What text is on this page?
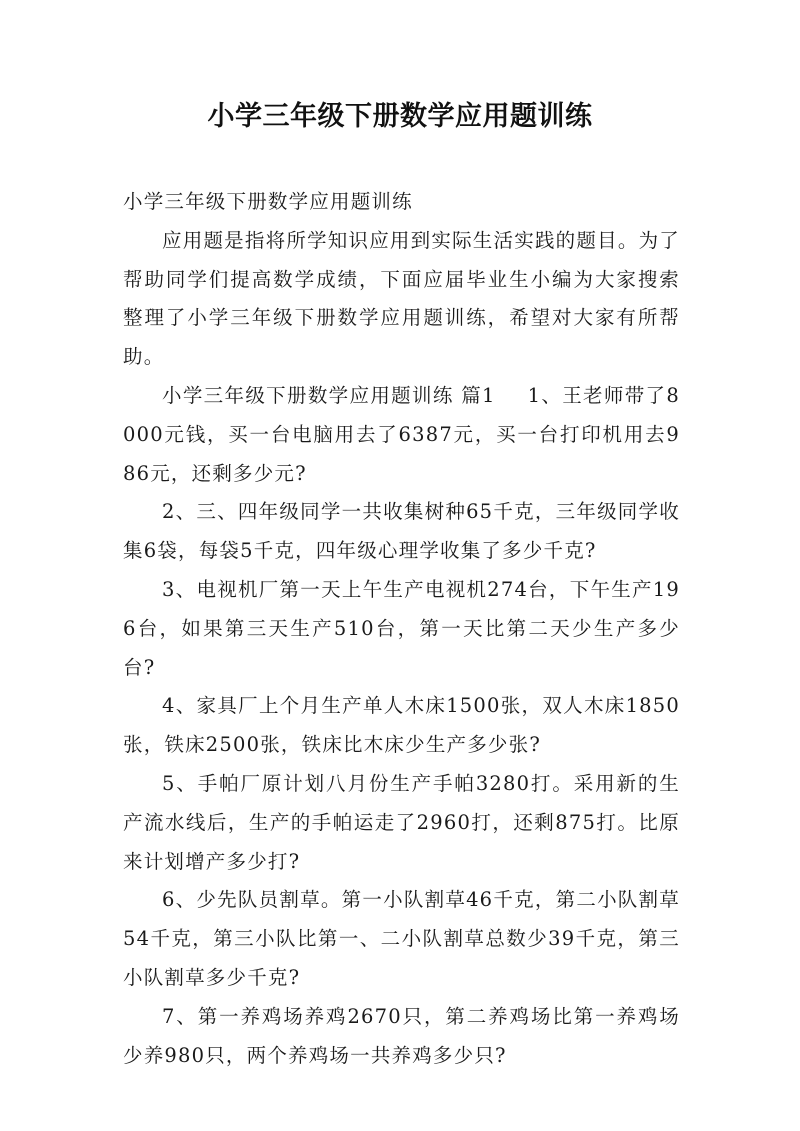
小学三年级下册数学应用题训练

小学三年级下册数学应用题训练

应用题是指将所学知识应用到实际生活实践的题目。为了帮助同学们提高数学成绩，下面应届毕业生小编为大家搜索整理了小学三年级下册数学应用题训练，希望对大家有所帮助。

小学三年级下册数学应用题训练 篇1 1、王老师带了8000元钱，买一台电脑用去了6387元，买一台打印机用去986元，还剩多少元?

2、三、四年级同学一共收集树种65千克，三年级同学收集6袋，每袋5千克，四年级心理学收集了多少千克?

3、电视机厂第一天上午生产电视机274台，下午生产196台，如果第三天生产510台，第一天比第二天少生产多少台?

4、家具厂上个月生产单人木床1500张，双人木床1850张，铁床2500张，铁床比木床少生产多少张?

5、手帕厂原计划八月份生产手帕3280打。采用新的生产流水线后，生产的手帕运走了2960打，还剩875打。比原来计划增产多少打?

6、少先队员割草。第一小队割草46千克，第二小队割草54千克，第三小队比第一、二小队割草总数少39千克，第三小队割草多少千克?

7、第一养鸡场养鸡2670只，第二养鸡场比第一养鸡场少养980只，两个养鸡场一共养鸡多少只?
